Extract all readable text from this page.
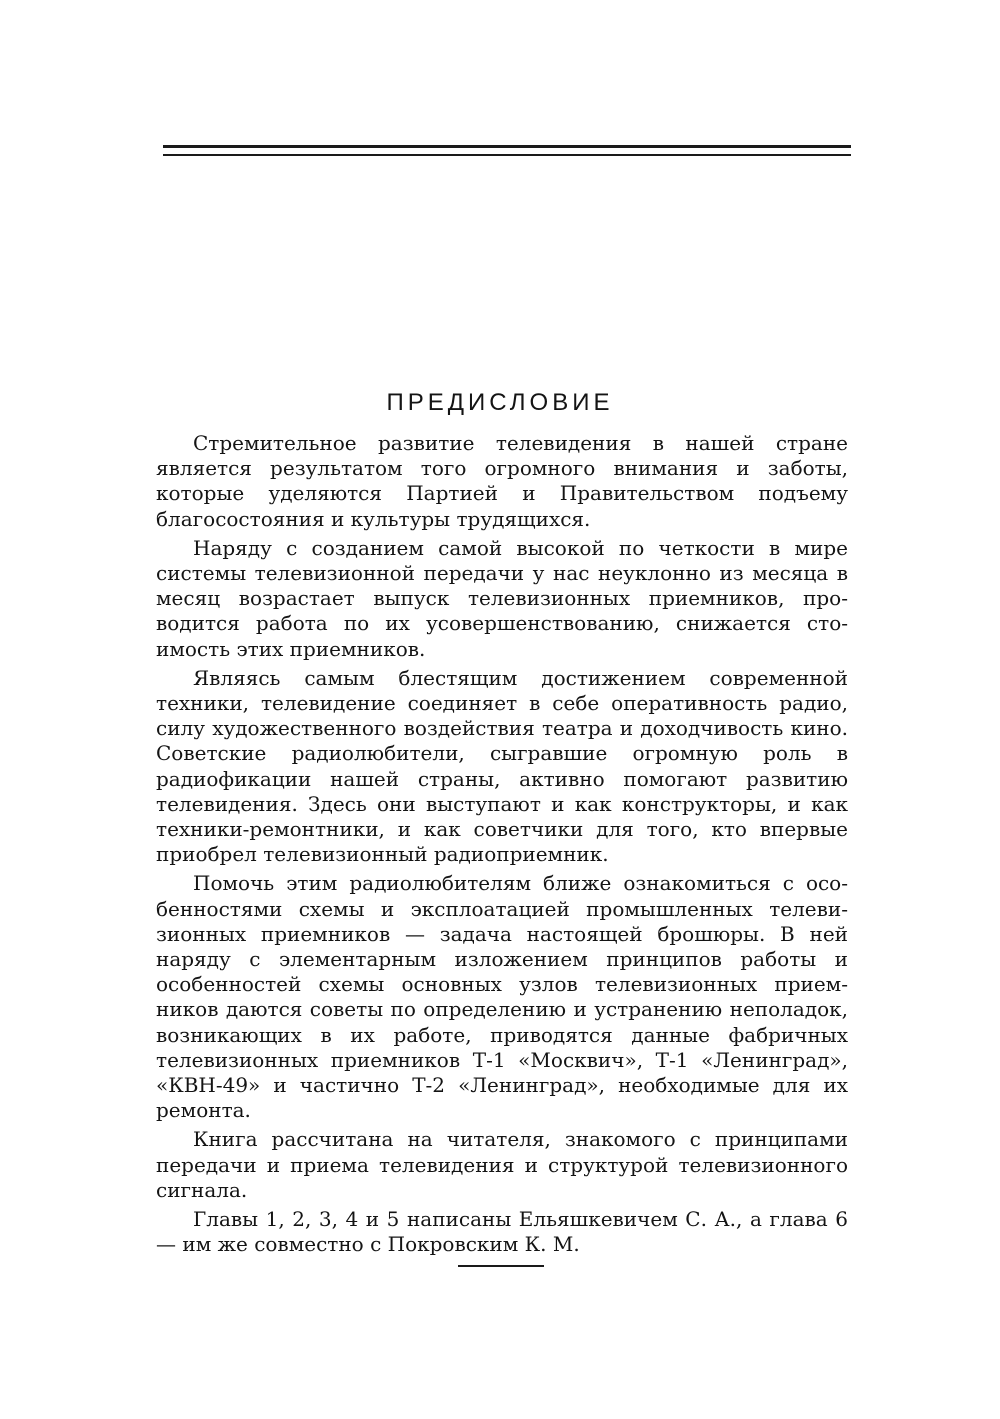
ПРЕДИСЛОВИЕ

Стремительное развитие телевидения в нашей стране является результатом того огромного внимания и заботы, которые уделяются Партией и Правительством подъему благосостояния и культуры трудящихся.

Наряду с созданием самой высокой по четкости в мире системы телевизионной передачи у нас неуклонно из месяца в месяц возрастает выпуск телевизионных приемников, проводится работа по их усовершенствованию, снижается стоимость этих приемников.

Являясь самым блестящим достижением современной техники, телевидение соединяет в себе оперативность радио, силу художественного воздействия театра и доходчивость кино. Советские радиолюбители, сыгравшие огромную роль в радиофикации нашей страны, активно помогают развитию телевидения. Здесь они выступают и как конструкторы, и как техники-ремонтники, и как советчики для того, кто впервые приобрел телевизионный радиоприемник.

Помочь этим радиолюбителям ближе ознакомиться с особенностями схемы и эксплоатацией промышленных телевизионных приемников — задача настоящей брошюры. В ней наряду с элементарным изложением принципов работы и особенностей схемы основных узлов телевизионных приемников даются советы по определению и устранению неполадок, возникающих в их работе, приводятся данные фабричных телевизионных приемников Т-1 «Москвич», Т-1 «Ленинград», «КВН-49» и частично Т-2 «Ленинград», необходимые для их ремонта.

Книга рассчитана на читателя, знакомого с принципами передачи и приема телевидения и структурой телевизионного сигнала.

Главы 1, 2, 3, 4 и 5 написаны Ельяшкевичем С. А., а глава 6 — им же совместно с Покровским К. М.
